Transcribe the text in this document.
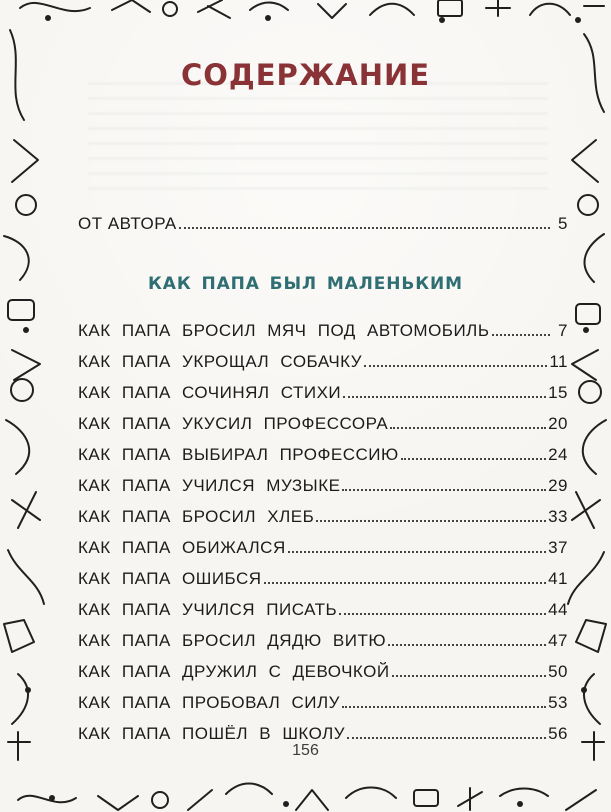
СОДЕРЖАНИЕ
ОТ АВТОРА	5
КАК ПАПА БЫЛ МАЛЕНЬКИМ
КАК ПАПА БРОСИЛ МЯЧ ПОД АВТОМОБИЛЬ	7
КАК ПАПА УКРОЩАЛ СОБАЧКУ	11
КАК ПАПА СОЧИНЯЛ СТИХИ	15
КАК ПАПА УКУСИЛ ПРОФЕССОРА	20
КАК ПАПА ВЫБИРАЛ ПРОФЕССИЮ	24
КАК ПАПА УЧИЛСЯ МУЗЫКЕ	29
КАК ПАПА БРОСИЛ ХЛЕБ	33
КАК ПАПА ОБИЖАЛСЯ	37
КАК ПАПА ОШИБСЯ	41
КАК ПАПА УЧИЛСЯ ПИСАТЬ	44
КАК ПАПА БРОСИЛ ДЯДЮ ВИТЮ	47
КАК ПАПА ДРУЖИЛ С ДЕВОЧКОЙ	50
КАК ПАПА ПРОБОВАЛ СИЛУ	53
КАК ПАПА ПОШЁЛ В ШКОЛУ	56
156
